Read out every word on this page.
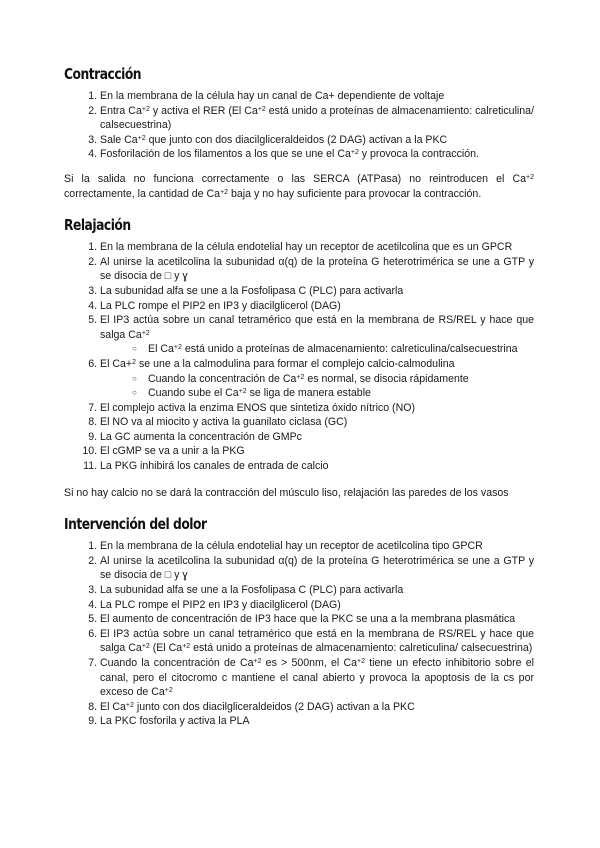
Contracción
1. En la membrana de la célula hay un canal de Ca+ dependiente de voltaje
2. Entra $Ca^{+2}$ y activa el RER (El $Ca^{+2}$ está unido a proteínas de almacenamiento: calreticulina/ calsecuestrina)
3. Sale $Ca^{+2}$ que junto con dos diacilgliceraldeidos (2 DAG) activan a la PKC
4. Fosforilación de los filamentos a los que se une el $Ca^{+2}$ y provoca la contracción.

Si la salida no funciona correctamente o las SERCA (ATPasa) no reintroducen el $Ca^{+2}$ correctamente, la cantidad de $Ca^{+2}$ baja y no hay suficiente para provocar la contracción.

Relajación
1. En la membrana de la célula endotelial hay un receptor de acetilcolina que es un GPCR
2. Al unirse la acetilcolina la subunidad α(q) de la proteína G heterotrimérica se une a GTP y se disocia de □ y ɣ
3. La subunidad alfa se une a la Fosfolipasa C (PLC) para activarla
4. La PLC rompe el PIP2 en IP3 y diacilglicerol (DAG)
5. El IP3 actúa sobre un canal tetramérico que está en la membrana de RS/REL y hace que salga $Ca^{+2}$
○ El $Ca^{+2}$ está unido a proteínas de almacenamiento: calreticulina/calsecuestrina
6. El Ca+$^2$ se une a la calmodulina para formar el complejo calcio-calmodulina
○ Cuando la concentración de $Ca^{+2}$ es normal, se disocia rápidamente
○ Cuando sube el $Ca^{+2}$ se liga de manera estable
7. El complejo activa la enzima ENOS que sintetiza óxido nítrico (NO)
8. El NO va al miocito y activa la guanilato ciclasa (GC)
9. La GC aumenta la concentración de GMPc
10. El cGMP se va a unir a la PKG
11. La PKG inhibirá los canales de entrada de calcio

Si no hay calcio no se dará la contracción del músculo liso, relajación las paredes de los vasos

Intervención del dolor
1. En la membrana de la célula endotelial hay un receptor de acetilcolina tipo GPCR
2. Al unirse la acetilcolina la subunidad α(q) de la proteína G heterotrimérica se une a GTP y se disocia de □ y ɣ
3. La subunidad alfa se une a la Fosfolipasa C (PLC) para activarla
4. La PLC rompe el PIP2 en IP3 y diacilglicerol (DAG)
5. El aumento de concentración de IP3 hace que la PKC se una a la membrana plasmática
6. El IP3 actúa sobre un canal tetramérico que está en la membrana de RS/REL y hace que salga $Ca^{+2}$ (El $Ca^{+2}$ está unido a proteínas de almacenamiento: calreticulina/ calsecuestrina)
7. Cuando la concentración de $Ca^{+2}$ es > 500nm, el $Ca^{+2}$ tiene un efecto inhibitorio sobre el canal, pero el citocromo c mantiene el canal abierto y provoca la apoptosis de la cs por exceso de $Ca^{+2}$
8. El $Ca^{+2}$ junto con dos diacilgliceraldeidos (2 DAG) activan a la PKC
9. La PKC fosforila y activa la PLA
